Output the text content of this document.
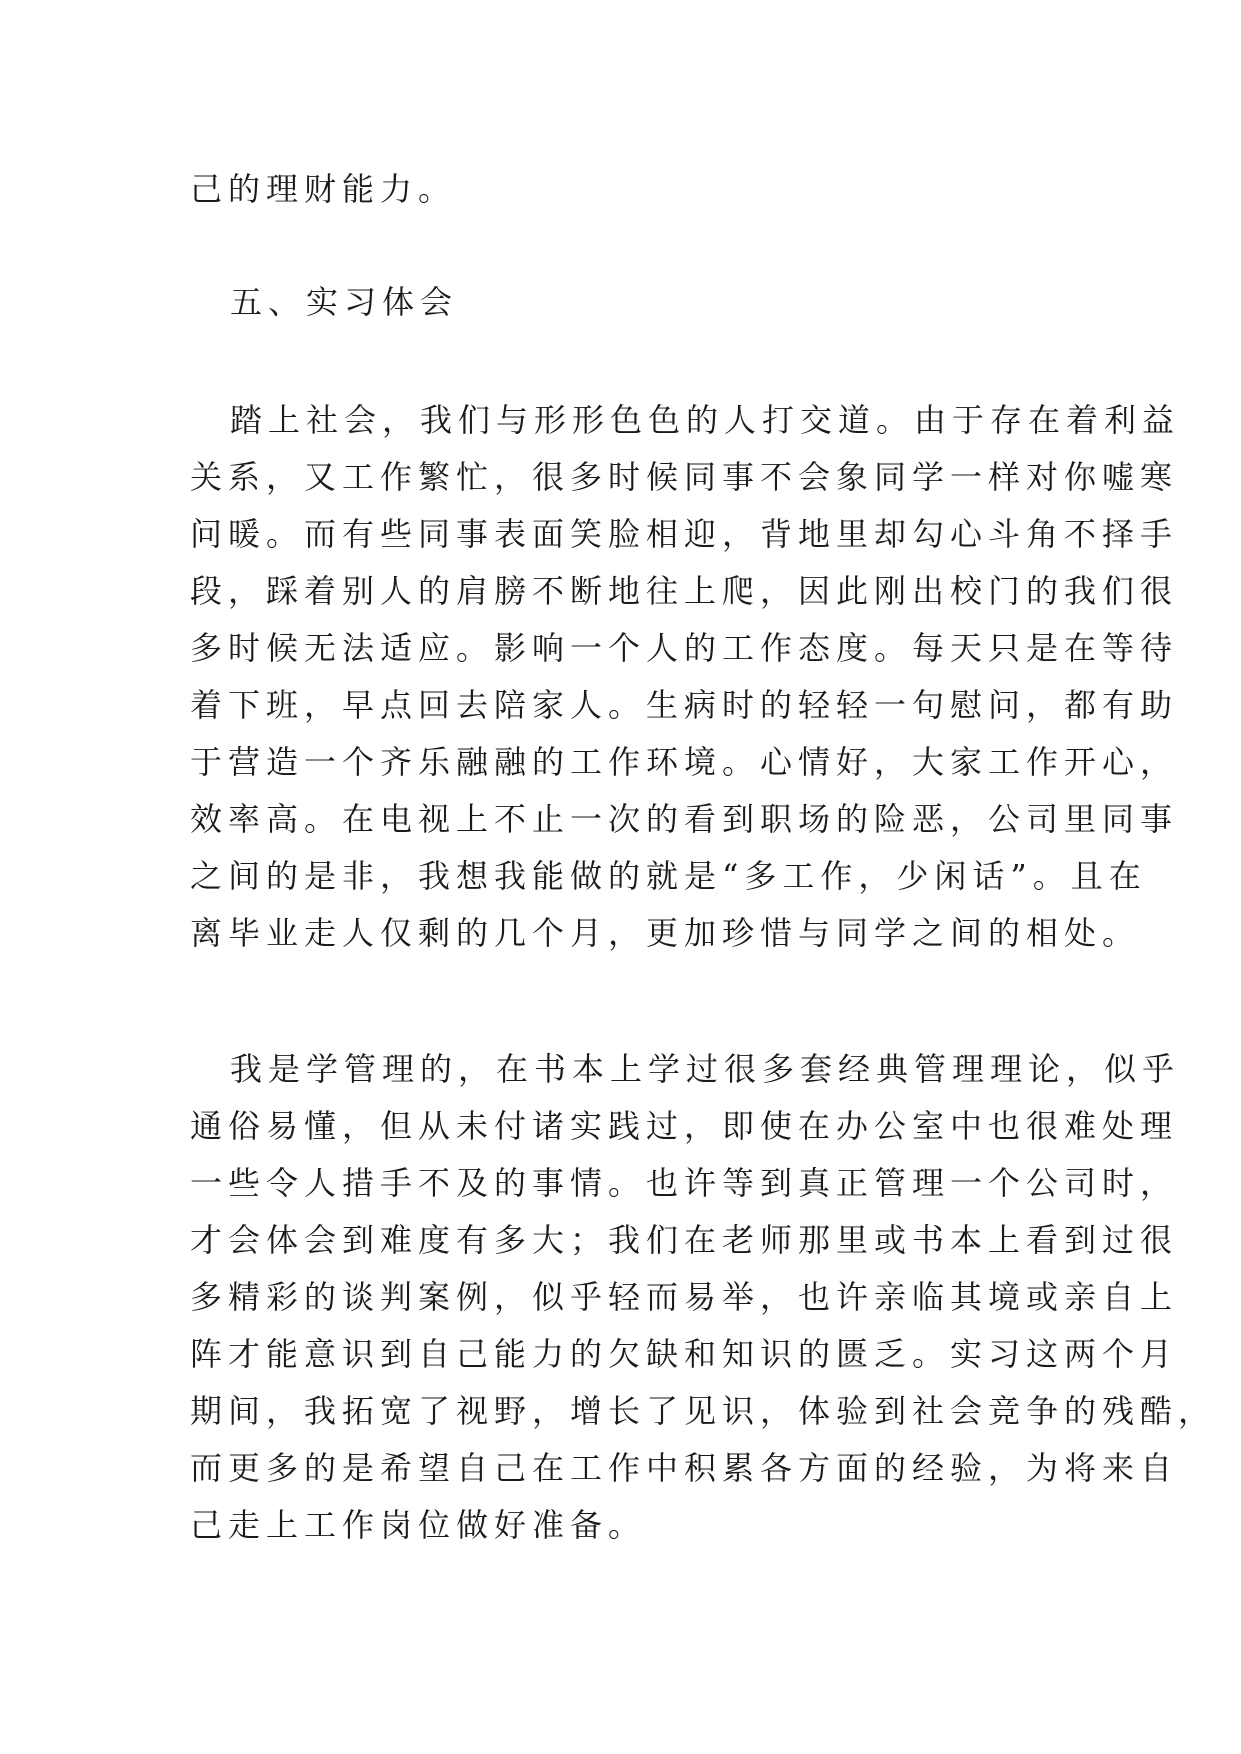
己的理财能力。
五、实习体会
踏上社会，我们与形形色色的人打交道。由于存在着利益
关系，又工作繁忙，很多时候同事不会象同学一样对你嘘寒
问暖。而有些同事表面笑脸相迎，背地里却勾心斗角不择手
段，踩着别人的肩膀不断地往上爬，因此刚出校门的我们很
多时候无法适应。影响一个人的工作态度。每天只是在等待
着下班，早点回去陪家人。生病时的轻轻一句慰问，都有助
于营造一个齐乐融融的工作环境。心情好，大家工作开心，
效率高。在电视上不止一次的看到职场的险恶，公司里同事
之间的是非，我想我能做的就是“多工作，少闲话”。且在
离毕业走人仅剩的几个月，更加珍惜与同学之间的相处。
我是学管理的，在书本上学过很多套经典管理理论，似乎
通俗易懂，但从未付诸实践过，即使在办公室中也很难处理
一些令人措手不及的事情。也许等到真正管理一个公司时，
才会体会到难度有多大；我们在老师那里或书本上看到过很
多精彩的谈判案例，似乎轻而易举，也许亲临其境或亲自上
阵才能意识到自己能力的欠缺和知识的匮乏。实习这两个月
期间，我拓宽了视野，增长了见识，体验到社会竞争的残酷，
而更多的是希望自己在工作中积累各方面的经验，为将来自
己走上工作岗位做好准备。
